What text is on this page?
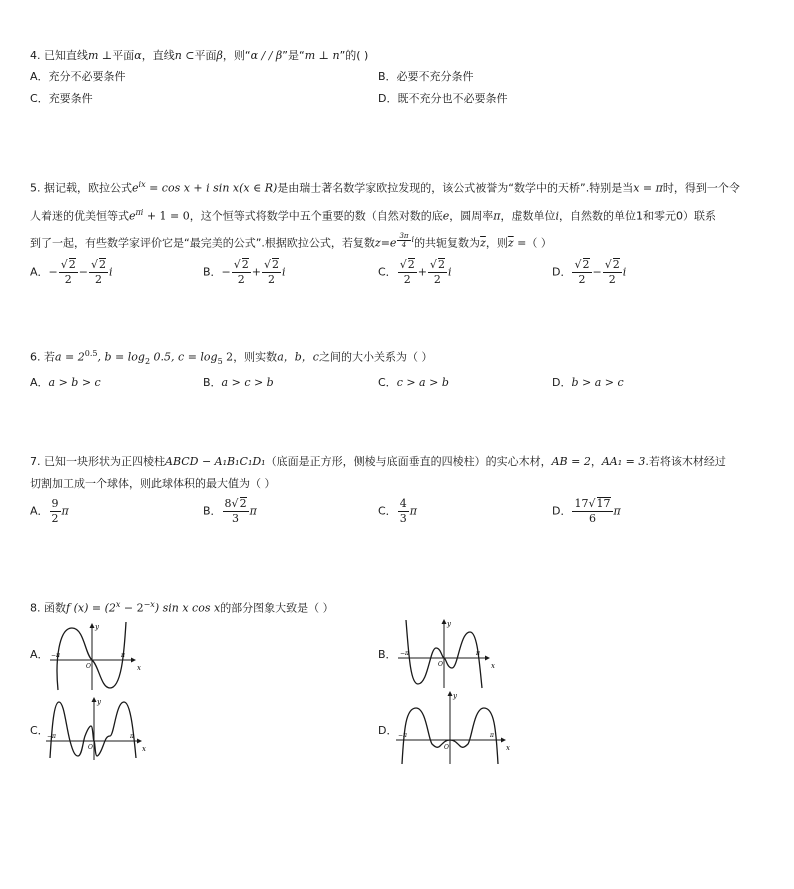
4. 已知直线m ⊥平面α，直线n ⊂平面β，则“α / / β”是“m ⊥ n”的( )
A．充分不必要条件	B．必要不充分条件
C．充要条件	D．既不充分也不必要条件
5. 据记载，欧拉公式$e^{ix} = \cos x + i$ sin x(x ∈ R)是由瑞士著名数学家欧拉发现的，该公式被誉为“数学中的天桥”.特别是当x = π时，得到一个令
人着迷的优美恒等式$e^{\pi i} + 1 = 0$，这个恒等式将数学中五个重要的数（自然对数的底e，圆周率π，虚数单位i，自然数的单位1和零元0）联系
到了一起，有些数学家评价它是“最完美的公式”.根据欧拉公式，若复数z=e $^{\frac{3\pi}{4} i}$的共轭复数为$\overline{z}$，则$\overline{z}$ =（ ）
A．− $\frac{√2}{2} - \frac{√2}{2}$ i	B．− $\frac{√2}{2} + \frac{√2}{2}$ i	C． $\frac{√2}{2} + \frac{√2}{2}$ i	D． $\frac{√2}{2} - \frac{√2}{2}$ i
6. 若$a = 2^{0.5}$, $b = \log_2 0.5$, $c = \log_5 2$，则实数a，b，c之间的大小关系为（ ）
A．a > b > c	B．a > c > b	C．c > a > b	D．b > a > c
7. 已知一块形状为正四棱柱ABCD − A₁B₁C₁D₁（底面是正方形，侧棱与底面垂直的四棱柱）的实心木材，AB = 2，AA₁ = 3.若将该木材经过
切割加工成一个球体，则此球体积的最大值为（ ）
A． $\frac{9}{2}$ π	B． $\frac{8√2}{3}$ π	C． $\frac{4}{3}$ π	D． $\frac{17√17}{6}$ π
8. 函数f $(x) = (2^x - 2^{-x})$ sin x cos x的部分图象大致是（ ）
A．	B．
C．	D．
x
y
O
−π	π
x
y
O
−π	π
x
y
O
−π	π
x
y
O
−π	π
